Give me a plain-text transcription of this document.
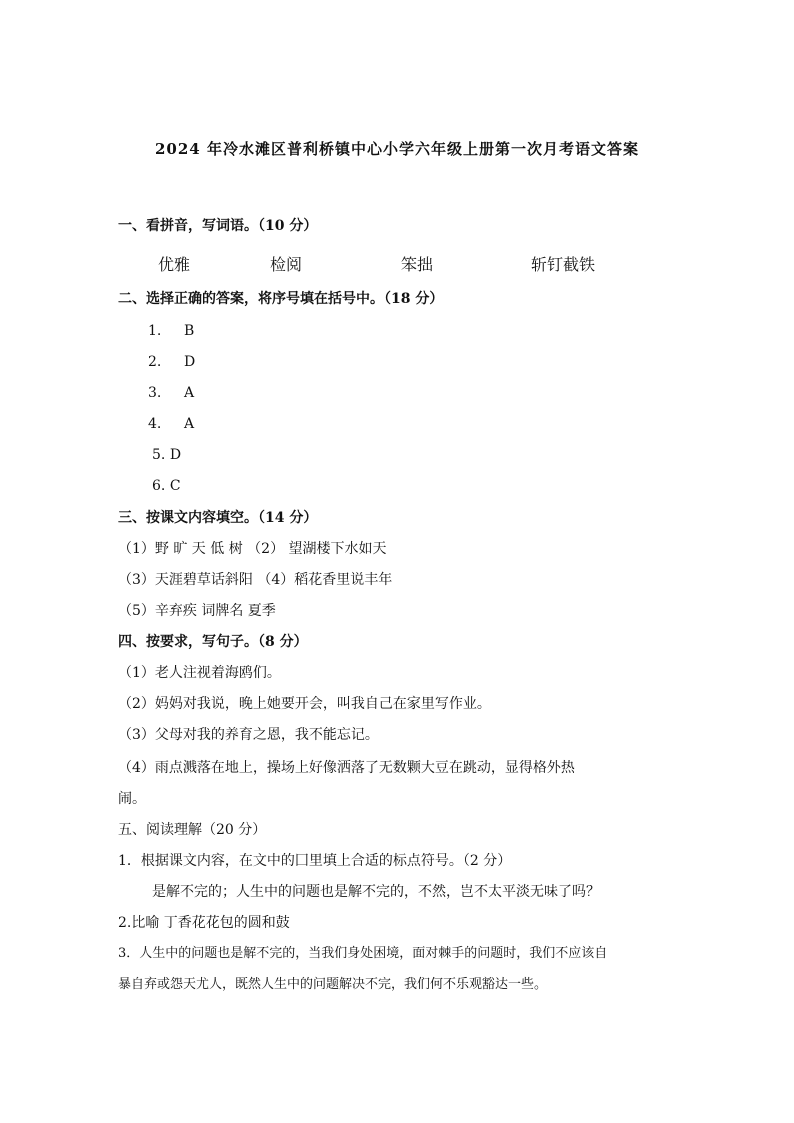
2024 年冷水滩区普利桥镇中心小学六年级上册第一次月考语文答案
一、看拼音，写词语。（10 分）
优雅	检阅	笨拙	斩钉截铁
二、选择正确的答案，将序号填在括号中。（18 分）
1. B
2. D
3. A
4. A
5. D
6. C
三、按课文内容填空。（14 分）
（1）野 旷 天 低 树 （2） 望湖楼下水如天
（3）天涯碧草话斜阳 （4）稻花香里说丰年
（5）辛弃疾 词牌名 夏季
四、按要求，写句子。（8 分）
（1）老人注视着海鸥们。
（2）妈妈对我说，晚上她要开会，叫我自己在家里写作业。
（3）父母对我的养育之恩，我不能忘记。
（4）雨点溅落在地上，操场上好像洒落了无数颗大豆在跳动，显得格外热
闹。
五、阅读理解（20 分）
1．根据课文内容，在文中的囗里填上合适的标点符号。（2 分）
是解不完的；人生中的问题也是解不完的，不然，岂不太平淡无味了吗？
2.比喻 丁香花花包的圆和鼓
3．人生中的问题也是解不完的，当我们身处困境，面对棘手的问题时，我们不应该自
暴自弃或怨天尤人，既然人生中的问题解决不完，我们何不乐观豁达一些。
